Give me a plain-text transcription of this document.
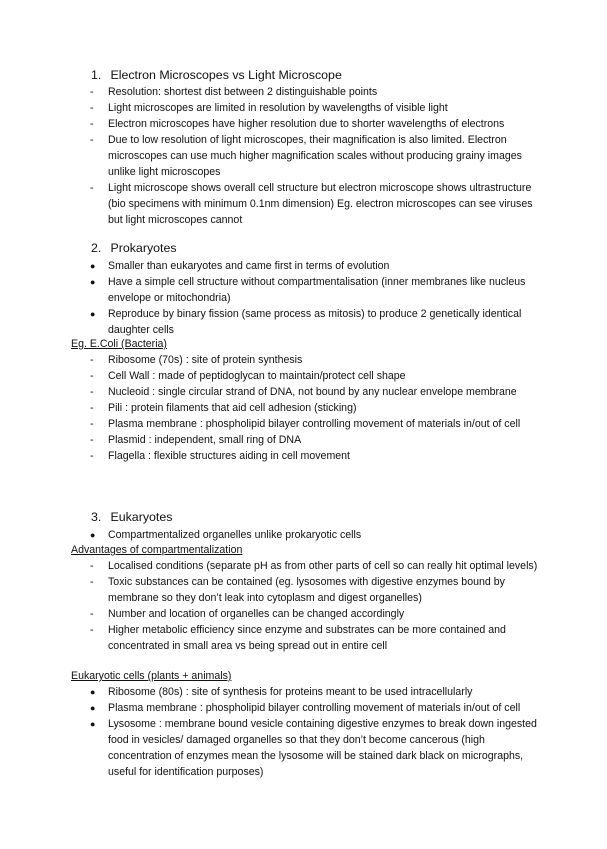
1. Electron Microscopes vs Light Microscope
-	Resolution: shortest dist between 2 distinguishable points
-	Light microscopes are limited in resolution by wavelengths of visible light
-	Electron microscopes have higher resolution due to shorter wavelengths of electrons
-	Due to low resolution of light microscopes, their magnification is also limited. Electron microscopes can use much higher magnification scales without producing grainy images unlike light microscopes
-	Light microscope shows overall cell structure but electron microscope shows ultrastructure (bio specimens with minimum 0.1nm dimension) Eg. electron microscopes can see viruses but light microscopes cannot
2. Prokaryotes
●	Smaller than eukaryotes and came first in terms of evolution
●	Have a simple cell structure without compartmentalisation (inner membranes like nucleus envelope or mitochondria)
●	Reproduce by binary fission (same process as mitosis) to produce 2 genetically identical daughter cells
Eg. E.Coli (Bacteria)
-	Ribosome (70s) : site of protein synthesis
-	Cell Wall : made of peptidoglycan to maintain/protect cell shape
-	Nucleoid : single circular strand of DNA, not bound by any nuclear envelope membrane
-	Pili : protein filaments that aid cell adhesion (sticking)
-	Plasma membrane : phospholipid bilayer controlling movement of materials in/out of cell
-	Plasmid : independent, small ring of DNA
-	Flagella : flexible structures aiding in cell movement
3. Eukaryotes
●	Compartmentalized organelles unlike prokaryotic cells
Advantages of compartmentalization
-	Localised conditions (separate pH as from other parts of cell so can really hit optimal levels)
-	Toxic substances can be contained (eg. lysosomes with digestive enzymes bound by membrane so they don’t leak into cytoplasm and digest organelles)
-	Number and location of organelles can be changed accordingly
-	Higher metabolic efficiency since enzyme and substrates can be more contained and concentrated in small area vs being spread out in entire cell
Eukaryotic cells (plants + animals)
●	Ribosome (80s) : site of synthesis for proteins meant to be used intracellularly
●	Plasma membrane : phospholipid bilayer controlling movement of materials in/out of cell
●	Lysosome : membrane bound vesicle containing digestive enzymes to break down ingested food in vesicles/ damaged organelles so that they don’t become cancerous (high concentration of enzymes mean the lysosome will be stained dark black on micrographs, useful for identification purposes)
